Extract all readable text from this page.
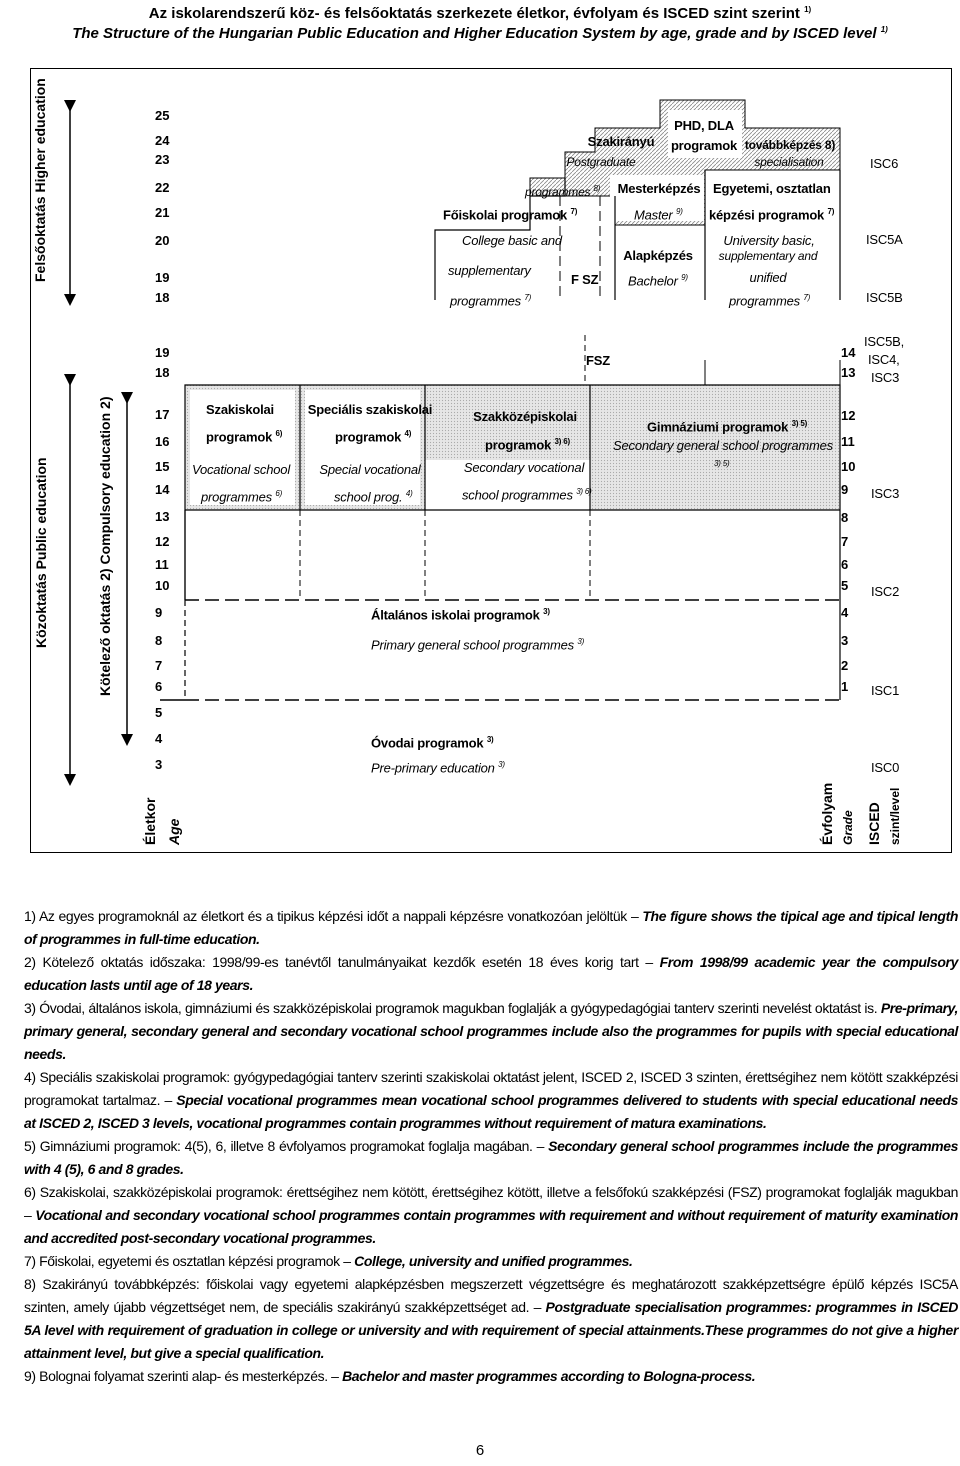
Az iskolarendszerű köz- és felsőoktatás szerkezete életkor, évfolyam és ISCED szint szerint $^{1)}$
The Structure of the Hungarian Public Education and Higher Education System by age, grade and by ISCED level $^{1)}$
Felsőoktatás Higher education
Közoktatás Public education	Kötelező oktatás 2) Compulsory education 2)
Életkor Age	Évfolyam Grade ISCED szint/level
25
24
23
22
21
20
19
18
19
18
17
16
15
14
13
12
11
10
9
8
7
6
5
4
3
14
13
12
11
10
9
8
7
6
5
4
3
2
1
ISC6
ISC5A
ISC5B
ISC5B,
ISC4,
ISC3
ISC3
ISC2
ISC1
ISC0
PHD, DLA
programok
Szakirányú
Postgraduate
továbbképzés 8)
specialisation
programmes $^{8)}$ Mesterképzés
Master $^{9)}$
Egyetemi, osztatlan
képzési programok $^{7)}$
Főiskolai programok $^{7)}$
College basic and
supplementary
programmes $^{7)}$
F SZ
Alapképzés
Bachelor $^{9)}$
University basic,
supplementary and
unified
programmes $^{7)}$
FSZ
Szakiskolai
programok $^{6)}$
Vocational school
programmes $^{6)}$
Speciális szakiskolai
programok $^{4)}$
Special vocational
school prog. $^{4)}$
Szakközépiskolai
programok $^{3) 6)}$
Secondary vocational
school programmes $^{3) 6)}$
Gimnáziumi programok $^{3) 5)}$
Secondary general school programmes
3) 5)
Általános iskolai programok $^{3)}$
Primary general school programmes $^{3)}$
Óvodai programok $^{3)}$
Pre-primary education $^{3)}$

1) Az egyes programoknál az életkort és a tipikus képzési időt a nappali képzésre vonatkozóan jelöltük – The figure shows the tipical age and tipical length of programmes in full-time education.

2) Kötelező oktatás időszaka: 1998/99-es tanévtől tanulmányaikat kezdők esetén 18 éves korig tart – From 1998/99 academic year the compulsory education lasts until age of 18 years.

3) Óvodai, általános iskola, gimnáziumi és szakközépiskolai programok magukban foglalják a gyógypedagógiai tanterv szerinti nevelést oktatást is. Pre-primary, primary general, secondary general and secondary vocational school programmes include also the programmes for pupils with special educational needs.

4) Speciális szakiskolai programok: gyógypedagógiai tanterv szerinti szakiskolai oktatást jelent, ISCED 2, ISCED 3 szinten, érettségihez nem kötött szakképzési programokat tartalmaz. – Special vocational programmes mean vocational school programmes delivered to students with special educational needs at ISCED 2, ISCED 3 levels, vocational programmes contain programmes without requirement of matura examinations.

5) Gimnáziumi programok: 4(5), 6, illetve 8 évfolyamos programokat foglalja magában. – Secondary general school programmes include the programmes with 4 (5), 6 and 8 grades.

6) Szakiskolai, szakközépiskolai programok: érettségihez nem kötött, érettségihez kötött, illetve a felsőfokú szakképzési (FSZ) programokat foglalják magukban – Vocational and secondary vocational school programmes contain programmes with requirement and without requirement of maturity examination and accredited post-secondary vocational programmes.

7) Főiskolai, egyetemi és osztatlan képzési programok – College, university and unified programmes.

8) Szakirányú továbbképzés: főiskolai vagy egyetemi alapképzésben megszerzett végzettségre és meghatározott szakképzettségre épülő képzés ISC5A szinten, amely újabb végzettséget nem, de speciális szakirányú szakképzettséget ad. – Postgraduate specialisation programmes: programmes in ISCED 5A level with requirement of graduation in college or university and with requirement of special attainments.These programmes do not give a higher attainment level, but give a special qualification.

9) Bolognai folyamat szerinti alap- és mesterképzés. – Bachelor and master programmes according to Bologna-process.

6
